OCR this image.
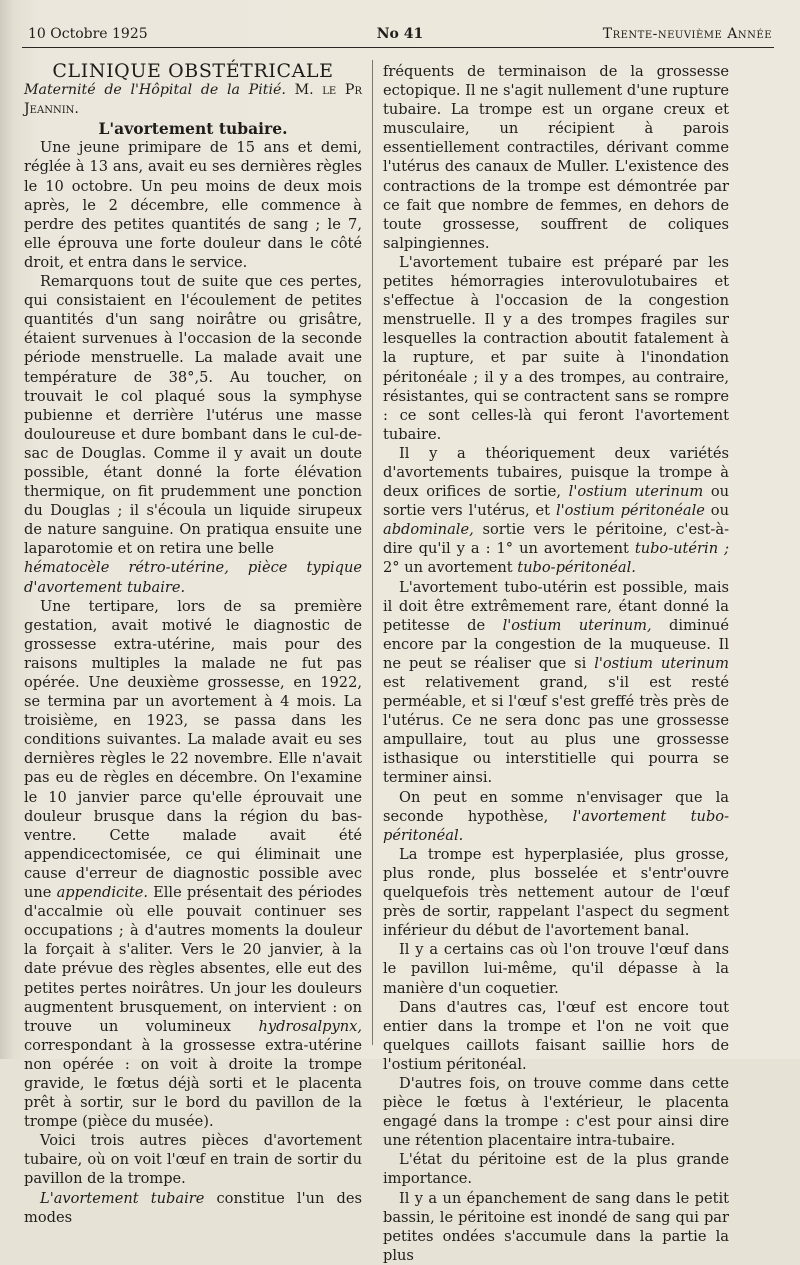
10 Octobre 1925	No 41	Trente-neuvième Année

CLINIQUE OBSTÉTRICALE

Maternité de l'Hôpital de la Pitié. M. le Pr Jeannin.

L'avortement tubaire.

Une jeune primipare de 15 ans et demi, réglée à 13 ans, avait eu ses dernières règles le 10 octobre. Un peu moins de deux mois après, le 2 décembre, elle commence à perdre des petites quantités de sang ; le 7, elle éprouva une forte douleur dans le côté droit, et entra dans le service.

Remarquons tout de suite que ces pertes, qui consistaient en l'écoulement de petites quantités d'un sang noirâtre ou grisâtre, étaient survenues à l'occasion de la seconde période menstruelle. La malade avait une température de 38°,5. Au toucher, on trouvait le col plaqué sous la symphyse pubienne et derrière l'utérus une masse douloureuse et dure bombant dans le cul-de-sac de Douglas. Comme il y avait un doute possible, étant donné la forte élévation thermique, on fit prudemment une ponction du Douglas ; il s'écoula un liquide sirupeux de nature sanguine. On pratiqua ensuite une laparotomie et on retira une belle

hématocèle rétro-utérine, pièce typique d'avortement tubaire.

Une tertipare, lors de sa première gestation, avait motivé le diagnostic de grossesse extra-utérine, mais pour des raisons multiples la malade ne fut pas opérée. Une deuxième grossesse, en 1922, se termina par un avortement à 4 mois. La troisième, en 1923, se passa dans les conditions suivantes. La malade avait eu ses dernières règles le 22 novembre. Elle n'avait pas eu de règles en décembre. On l'examine le 10 janvier parce qu'elle éprouvait une douleur brusque dans la région du bas-ventre. Cette malade avait été appendicectomisée, ce qui éliminait une cause d'erreur de diagnostic possible avec une appendicite. Elle présentait des périodes d'accalmie où elle pouvait continuer ses occupations ; à d'autres moments la douleur la forçait à s'aliter. Vers le 20 janvier, à la date prévue des règles absentes, elle eut des petites pertes noirâtres. Un jour les douleurs augmentent brusquement, on intervient : on trouve un volumineux hydrosalpynx, correspondant à la grossesse extra-utérine non opérée : on voit à droite la trompe gravide, le fœtus déjà sorti et le placenta prêt à sortir, sur le bord du pavillon de la trompe (pièce du musée).

Voici trois autres pièces d'avortement tubaire, où on voit l'œuf en train de sortir du pavillon de la trompe.

L'avortement tubaire constitue l'un des modes

fréquents de terminaison de la grossesse ectopique. Il ne s'agit nullement d'une rupture tubaire. La trompe est un organe creux et musculaire, un récipient à parois essentiellement contractiles, dérivant comme l'utérus des canaux de Muller. L'existence des contractions de la trompe est démontrée par ce fait que nombre de femmes, en dehors de toute grossesse, souffrent de coliques salpingiennes.

L'avortement tubaire est préparé par les petites hémorragies interovulotubaires et s'effectue à l'occasion de la congestion menstruelle. Il y a des trompes fragiles sur lesquelles la contraction aboutit fatalement à la rupture, et par suite à l'inondation péritonéale ; il y a des trompes, au contraire, résistantes, qui se contractent sans se rompre : ce sont celles-là qui feront l'avortement tubaire.

Il y a théoriquement deux variétés d'avortements tubaires, puisque la trompe à deux orifices de sortie, l'ostium uterinum ou sortie vers l'utérus, et l'ostium péritonéale ou abdominale, sortie vers le péritoine, c'est-à-dire qu'il y a : 1° un avortement tubo-utérin ; 2° un avortement tubo-péritonéal.

L'avortement tubo-utérin est possible, mais il doit être extrêmement rare, étant donné la petitesse de l'ostium uterinum, diminué encore par la congestion de la muqueuse. Il ne peut se réaliser que si l'ostium uterinum est relativement grand, s'il est resté perméable, et si l'œuf s'est greffé très près de l'utérus. Ce ne sera donc pas une grossesse ampullaire, tout au plus une grossesse isthasique ou interstitielle qui pourra se terminer ainsi.

On peut en somme n'envisager que la seconde hypothèse, l'avortement tubo-péritonéal.

La trompe est hyperplasiée, plus grosse, plus ronde, plus bosselée et s'entr'ouvre quelquefois très nettement autour de l'œuf près de sortir, rappelant l'aspect du segment inférieur du début de l'avortement banal.

Il y a certains cas où l'on trouve l'œuf dans le pavillon lui-même, qu'il dépasse à la manière d'un coquetier.

Dans d'autres cas, l'œuf est encore tout entier dans la trompe et l'on ne voit que quelques caillots faisant saillie hors de l'ostium péritonéal.

D'autres fois, on trouve comme dans cette pièce le fœtus à l'extérieur, le placenta engagé dans la trompe : c'est pour ainsi dire une rétention placentaire intra-tubaire.

L'état du péritoine est de la plus grande importance.

Il y a un épanchement de sang dans le petit bassin, le péritoine est inondé de sang qui par petites ondées s'accumule dans la partie la plus
